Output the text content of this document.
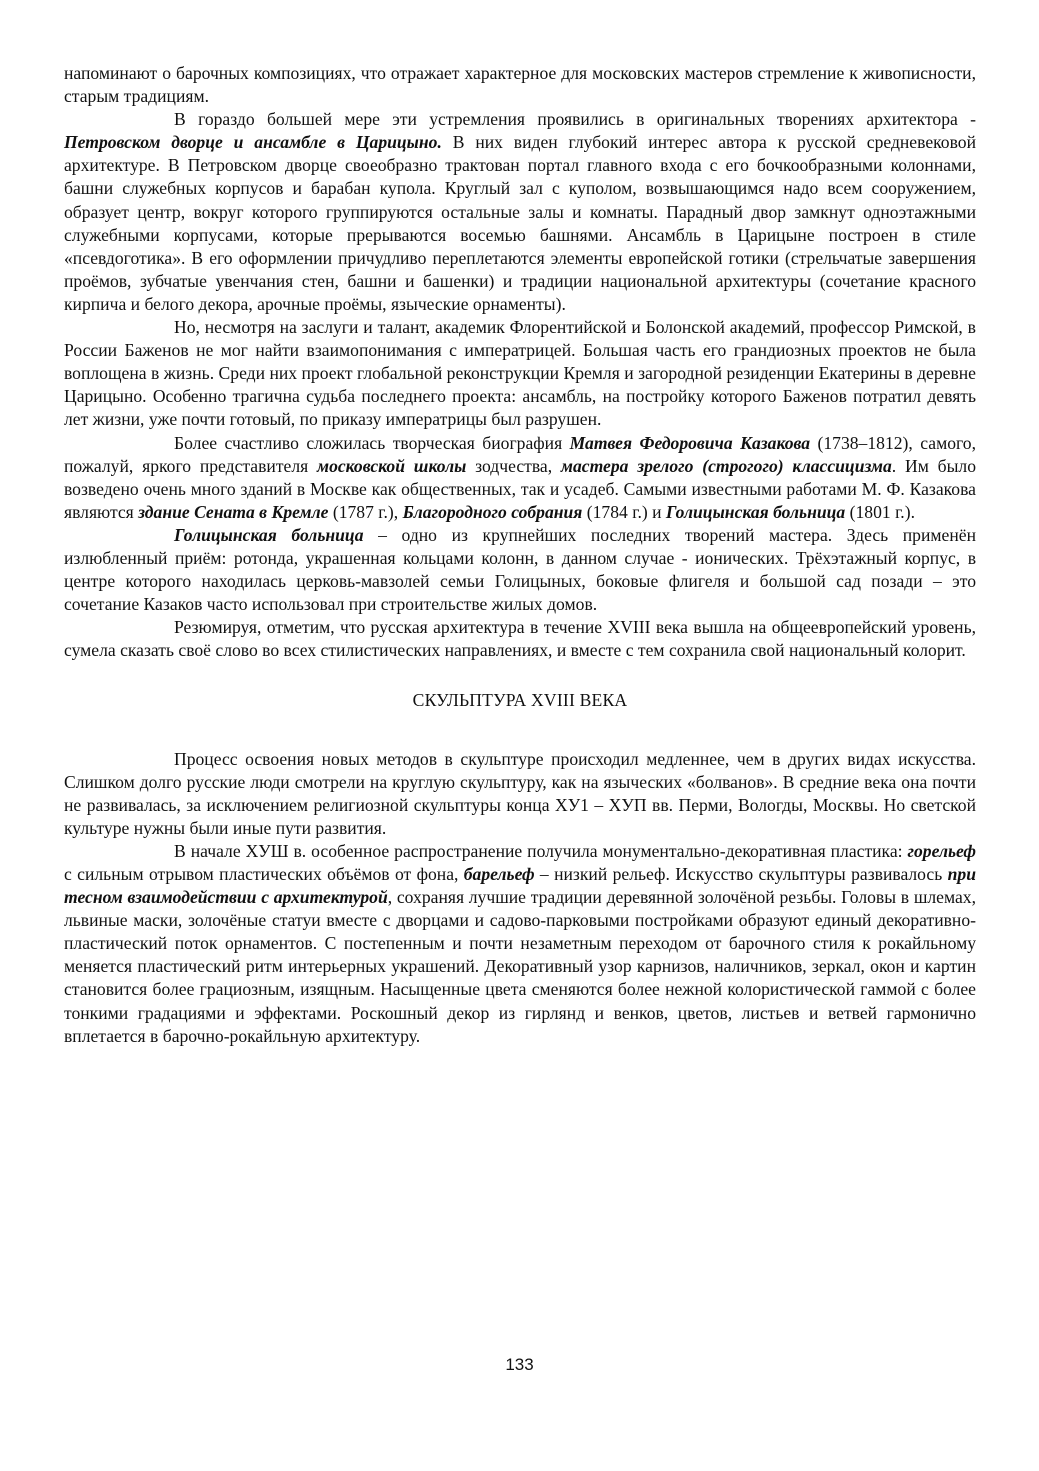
напоминают о барочных композициях, что отражает характерное для московских мастеров стремление к живописности, старым традициям.

В гораздо большей мере эти устремления проявились в оригинальных творениях архитектора - Петровском дворце и ансамбле в Царицыно. В них виден глубокий интерес автора к русской средневековой архитектуре. В Петровском дворце своеобразно трактован портал главного входа с его бочкообразными колоннами, башни служебных корпусов и барабан купола. Круглый зал с куполом, возвышающимся надо всем сооружением, образует центр, вокруг которого группируются остальные залы и комнаты. Парадный двор замкнут одноэтажными служебными корпусами, которые прерываются восемью башнями. Ансамбль в Царицыне построен в стиле «псевдоготика». В его оформлении причудливо переплетаются элементы европейской готики (стрельчатые завершения проёмов, зубчатые увенчания стен, башни и башенки) и традиции национальной архитектуры (сочетание красного кирпича и белого декора, арочные проёмы, языческие орнаменты).

Но, несмотря на заслуги и талант, академик Флорентийской и Болонской академий, профессор Римской, в России Баженов не мог найти взаимопонимания с императрицей. Большая часть его грандиозных проектов не была воплощена в жизнь. Среди них проект глобальной реконструкции Кремля и загородной резиденции Екатерины в деревне Царицыно. Особенно трагична судьба последнего проекта: ансамбль, на постройку которого Баженов потратил девять лет жизни, уже почти готовый, по приказу императрицы был разрушен.

Более счастливо сложилась творческая биография Матвея Федоровича Казакова (1738–1812), самого, пожалуй, яркого представителя московской школы зодчества, мастера зрелого (строгого) классицизма. Им было возведено очень много зданий в Москве как общественных, так и усадеб. Самыми известными работами М. Ф. Казакова являются здание Сената в Кремле (1787 г.), Благородного собрания (1784 г.) и Голицынская больница (1801 г.).

Голицынская больница – одно из крупнейших последних творений мастера. Здесь применён излюбленный приём: ротонда, украшенная кольцами колонн, в данном случае - ионических. Трёхэтажный корпус, в центре которого находилась церковь-мавзолей семьи Голицыных, боковые флигеля и большой сад позади – это сочетание Казаков часто использовал при строительстве жилых домов.

Резюмируя, отметим, что русская архитектура в течение XVIII века вышла на общеевропейский уровень, сумела сказать своё слово во всех стилистических направлениях, и вместе с тем сохранила свой национальный колорит.

СКУЛЬПТУРА XVIII ВЕКА

Процесс освоения новых методов в скульптуре происходил медленнее, чем в других видах искусства. Слишком долго русские люди смотрели на круглую скульптуру, как на языческих «болванов». В средние века она почти не развивалась, за исключением религиозной скульптуры конца ХУ1 – ХУП вв. Перми, Вологды, Москвы. Но светской культуре нужны были иные пути развития.

В начале ХУШ в. особенное распространение получила монументально-декоративная пластика: горельеф с сильным отрывом пластических объёмов от фона, барельеф – низкий рельеф. Искусство скульптуры развивалось при тесном взаимодействии с архитектурой, сохраняя лучшие традиции деревянной золочёной резьбы. Головы в шлемах, львиные маски, золочёные статуи вместе с дворцами и садово-парковыми постройками образуют единый декоративно-пластический поток орнаментов. С постепенным и почти незаметным переходом от барочного стиля к рокайльному меняется пластический ритм интерьерных украшений. Декоративный узор карнизов, наличников, зеркал, окон и картин становится более грациозным, изящным. Насыщенные цвета сменяются более нежной колористической гаммой с более тонкими градациями и эффектами. Роскошный декор из гирлянд и венков, цветов, листьев и ветвей гармонично вплетается в барочно-рокайльную архитектуру.

133
